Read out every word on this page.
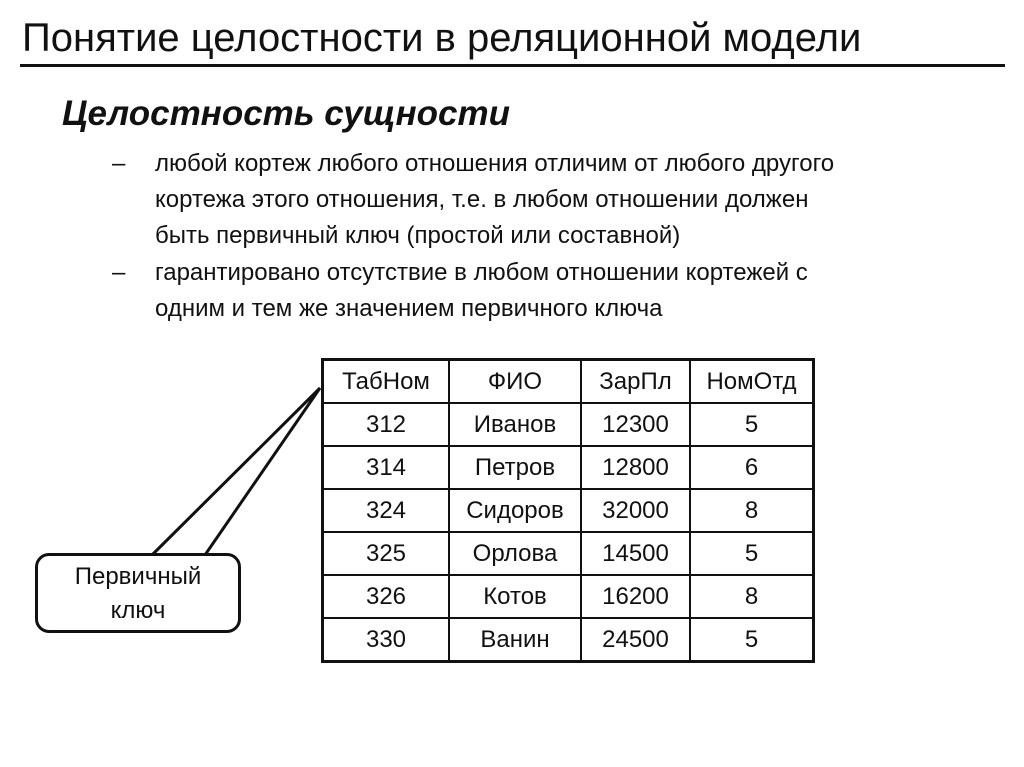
Понятие целостности в реляционной модели
Целостность сущности
– любой кортеж любого отношения отличим от любого другого
кортежа этого отношения, т.е. в любом отношении должен
быть первичный ключ (простой или составной)
– гарантировано отсутствие в любом отношении кортежей с
одним и тем же значением первичного ключа
ТабНом	ФИО	ЗарПл	НомОтд
312	Иванов	12300	5
314	Петров	12800	6
324	Сидоров	32000	8
325	Орлова	14500	5
326	Котов	16200	8
330	Ванин	24500	5
Первичный
ключ
